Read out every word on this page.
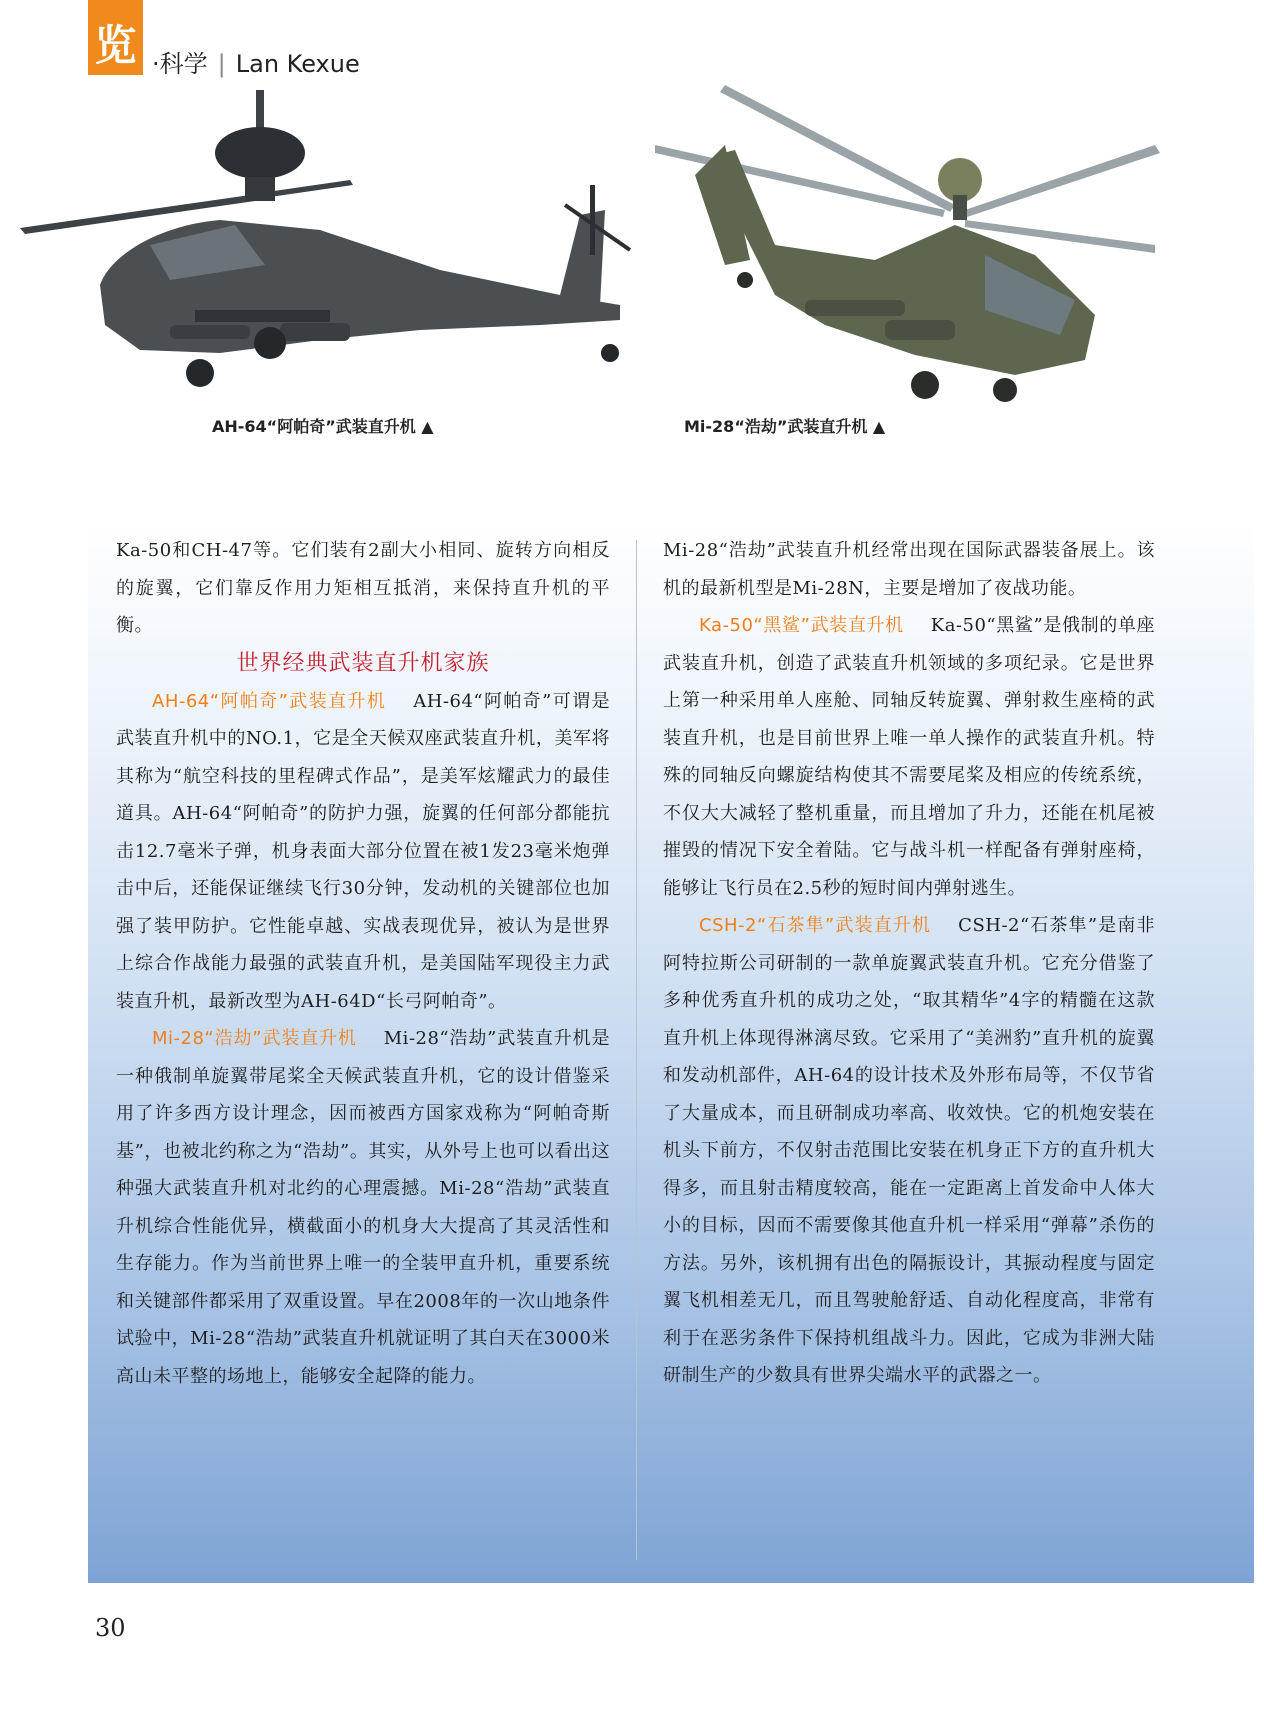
览 ·科学 | Lan Kexue
AH-64“阿帕奇”武装直升机 ▲	Mi-28“浩劫”武装直升机 ▲

Ka-50和CH-47等。它们装有2副大小相同、旋转方向相反的旋翼，它们靠反作用力矩相互抵消，来保持直升机的平衡。

世界经典武装直升机家族

AH-64“阿帕奇”武装直升机 AH-64“阿帕奇”可谓是武装直升机中的NO.1，它是全天候双座武装直升机，美军将其称为“航空科技的里程碑式作品”，是美军炫耀武力的最佳道具。AH-64“阿帕奇”的防护力强，旋翼的任何部分都能抗击12.7毫米子弹，机身表面大部分位置在被1发23毫米炮弹击中后，还能保证继续飞行30分钟，发动机的关键部位也加强了装甲防护。它性能卓越、实战表现优异，被认为是世界上综合作战能力最强的武装直升机，是美国陆军现役主力武装直升机，最新改型为AH-64D“长弓阿帕奇”。

Mi-28“浩劫”武装直升机 Mi-28“浩劫”武装直升机是一种俄制单旋翼带尾桨全天候武装直升机，它的设计借鉴采用了许多西方设计理念，因而被西方国家戏称为“阿帕奇斯基”，也被北约称之为“浩劫”。其实，从外号上也可以看出这种强大武装直升机对北约的心理震撼。Mi-28“浩劫”武装直升机综合性能优异，横截面小的机身大大提高了其灵活性和生存能力。作为当前世界上唯一的全装甲直升机，重要系统和关键部件都采用了双重设置。早在2008年的一次山地条件试验中，Mi-28“浩劫”武装直升机就证明了其白天在3000米高山未平整的场地上，能够安全起降的能力。

Mi-28“浩劫”武装直升机经常出现在国际武器装备展上。该机的最新机型是Mi-28N，主要是增加了夜战功能。

Ka-50“黑鲨”武装直升机 Ka-50“黑鲨”是俄制的单座武装直升机，创造了武装直升机领域的多项纪录。它是世界上第一种采用单人座舱、同轴反转旋翼、弹射救生座椅的武装直升机，也是目前世界上唯一单人操作的武装直升机。特殊的同轴反向螺旋结构使其不需要尾桨及相应的传统系统，不仅大大减轻了整机重量，而且增加了升力，还能在机尾被摧毁的情况下安全着陆。它与战斗机一样配备有弹射座椅，能够让飞行员在2.5秒的短时间内弹射逃生。

CSH-2“石茶隼”武装直升机 CSH-2“石茶隼”是南非阿特拉斯公司研制的一款单旋翼武装直升机。它充分借鉴了多种优秀直升机的成功之处，“取其精华”4字的精髓在这款直升机上体现得淋漓尽致。它采用了“美洲豹”直升机的旋翼和发动机部件，AH-64的设计技术及外形布局等，不仅节省了大量成本，而且研制成功率高、收效快。它的机炮安装在机头下前方，不仅射击范围比安装在机身正下方的直升机大得多，而且射击精度较高，能在一定距离上首发命中人体大小的目标，因而不需要像其他直升机一样采用“弹幕”杀伤的方法。另外，该机拥有出色的隔振设计，其振动程度与固定翼飞机相差无几，而且驾驶舱舒适、自动化程度高，非常有利于在恶劣条件下保持机组战斗力。因此，它成为非洲大陆研制生产的少数具有世界尖端水平的武器之一。

30
